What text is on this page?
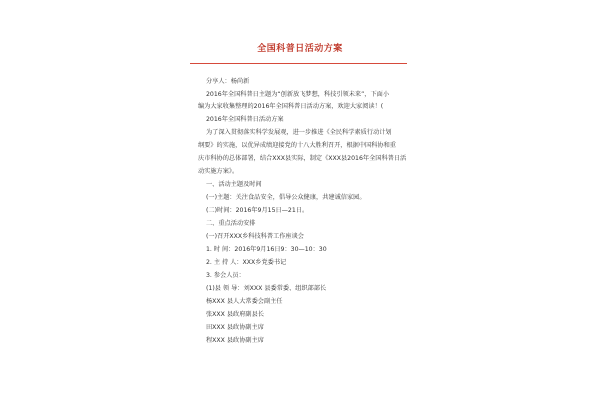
全国科普日活动方案
分享人：杨尚新
2016年全国科普日主题为“创新放飞梦想，科技引领未来”，下面小
编为大家收集整理的2016年全国科普日活动方案，欢迎大家阅读！(
2016年全国科普日活动方案
为了深入贯彻落实科学发展观，进一步推进《全民科学素质行动计划
纲要》的实施，以优异成绩迎接党的十八大胜利召开，根据中国科协和重
庆市科协的总体部署，结合XXX县实际，制定《XXX县2016年全国科普日活
动实施方案》。
一、活动主题及时间
(一)主题：关注食品安全，倡导公众健康，共建诚信家园。
(二)时间：2016年9月15日—21日。
二、重点活动安排
(一)召开XXX乡科技科普工作座谈会
1. 时 间：2016年9月16日9：30—10：30
2. 主 持 人：XXX乡党委书记
3. 参会人员：
(1)县 领 导：刘XXX 县委常委、组织部部长
杨XXX 县人大常委会副主任
张XXX 县政府副县长
田XXX 县政协副主席
程XXX 县政协副主席
